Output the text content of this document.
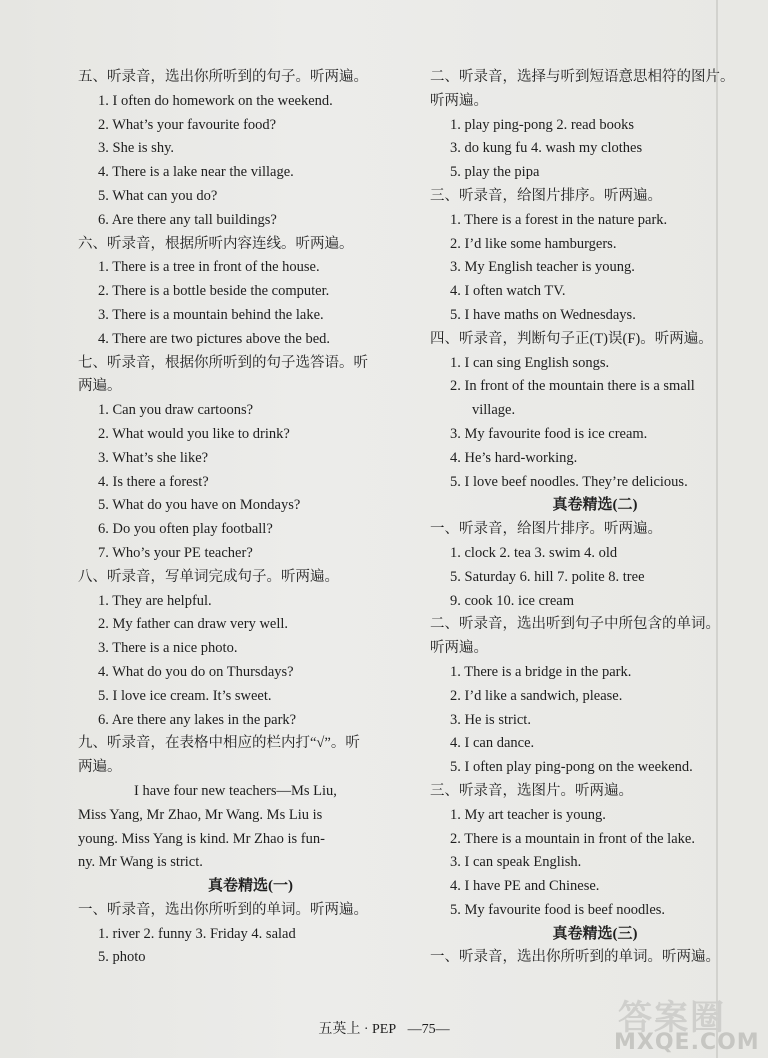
五、听录音，选出你所听到的句子。听两遍。
1. I often do homework on the weekend.
2. What’s your favourite food?
3. She is shy.
4. There is a lake near the village.
5. What can you do?
6. Are there any tall buildings?
六、听录音，根据所听内容连线。听两遍。
1. There is a tree in front of the house.
2. There is a bottle beside the computer.
3. There is a mountain behind the lake.
4. There are two pictures above the bed.
七、听录音，根据你所听到的句子选答语。听
两遍。
1. Can you draw cartoons?
2. What would you like to drink?
3. What’s she like?
4. Is there a forest?
5. What do you have on Mondays?
6. Do you often play football?
7. Who’s your PE teacher?
八、听录音，写单词完成句子。听两遍。
1. They are helpful.
2. My father can draw very well.
3. There is a nice photo.
4. What do you do on Thursdays?
5. I love ice cream. It’s sweet.
6. Are there any lakes in the park?
九、听录音，在表格中相应的栏内打“√”。听
两遍。
I have four new teachers—Ms Liu,
Miss Yang, Mr Zhao, Mr Wang. Ms Liu is
young. Miss Yang is kind. Mr Zhao is fun-
ny. Mr Wang is strict.
真卷精选(一)
一、听录音，选出你所听到的单词。听两遍。
1. river 2. funny 3. Friday 4. salad
5. photo
二、听录音，选择与听到短语意思相符的图片。
听两遍。
1. play ping-pong 2. read books
3. do kung fu 4. wash my clothes
5. play the pipa
三、听录音，给图片排序。听两遍。
1. There is a forest in the nature park.
2. I’d like some hamburgers.
3. My English teacher is young.
4. I often watch TV.
5. I have maths on Wednesdays.
四、听录音，判断句子正(T)误(F)。听两遍。
1. I can sing English songs.
2. In front of the mountain there is a small
village.
3. My favourite food is ice cream.
4. He’s hard-working.
5. I love beef noodles. They’re delicious.
真卷精选(二)
一、听录音，给图片排序。听两遍。
1. clock 2. tea 3. swim 4. old
5. Saturday 6. hill 7. polite 8. tree
9. cook 10. ice cream
二、听录音，选出听到句子中所包含的单词。
听两遍。
1. There is a bridge in the park.
2. I’d like a sandwich, please.
3. He is strict.
4. I can dance.
5. I often play ping-pong on the weekend.
三、听录音，选图片。听两遍。
1. My art teacher is young.
2. There is a mountain in front of the lake.
3. I can speak English.
4. I have PE and Chinese.
5. My favourite food is beef noodles.
真卷精选(三)
一、听录音，选出你所听到的单词。听两遍。
五英上 · PEP —75—	答案圈
MXQE.COM
